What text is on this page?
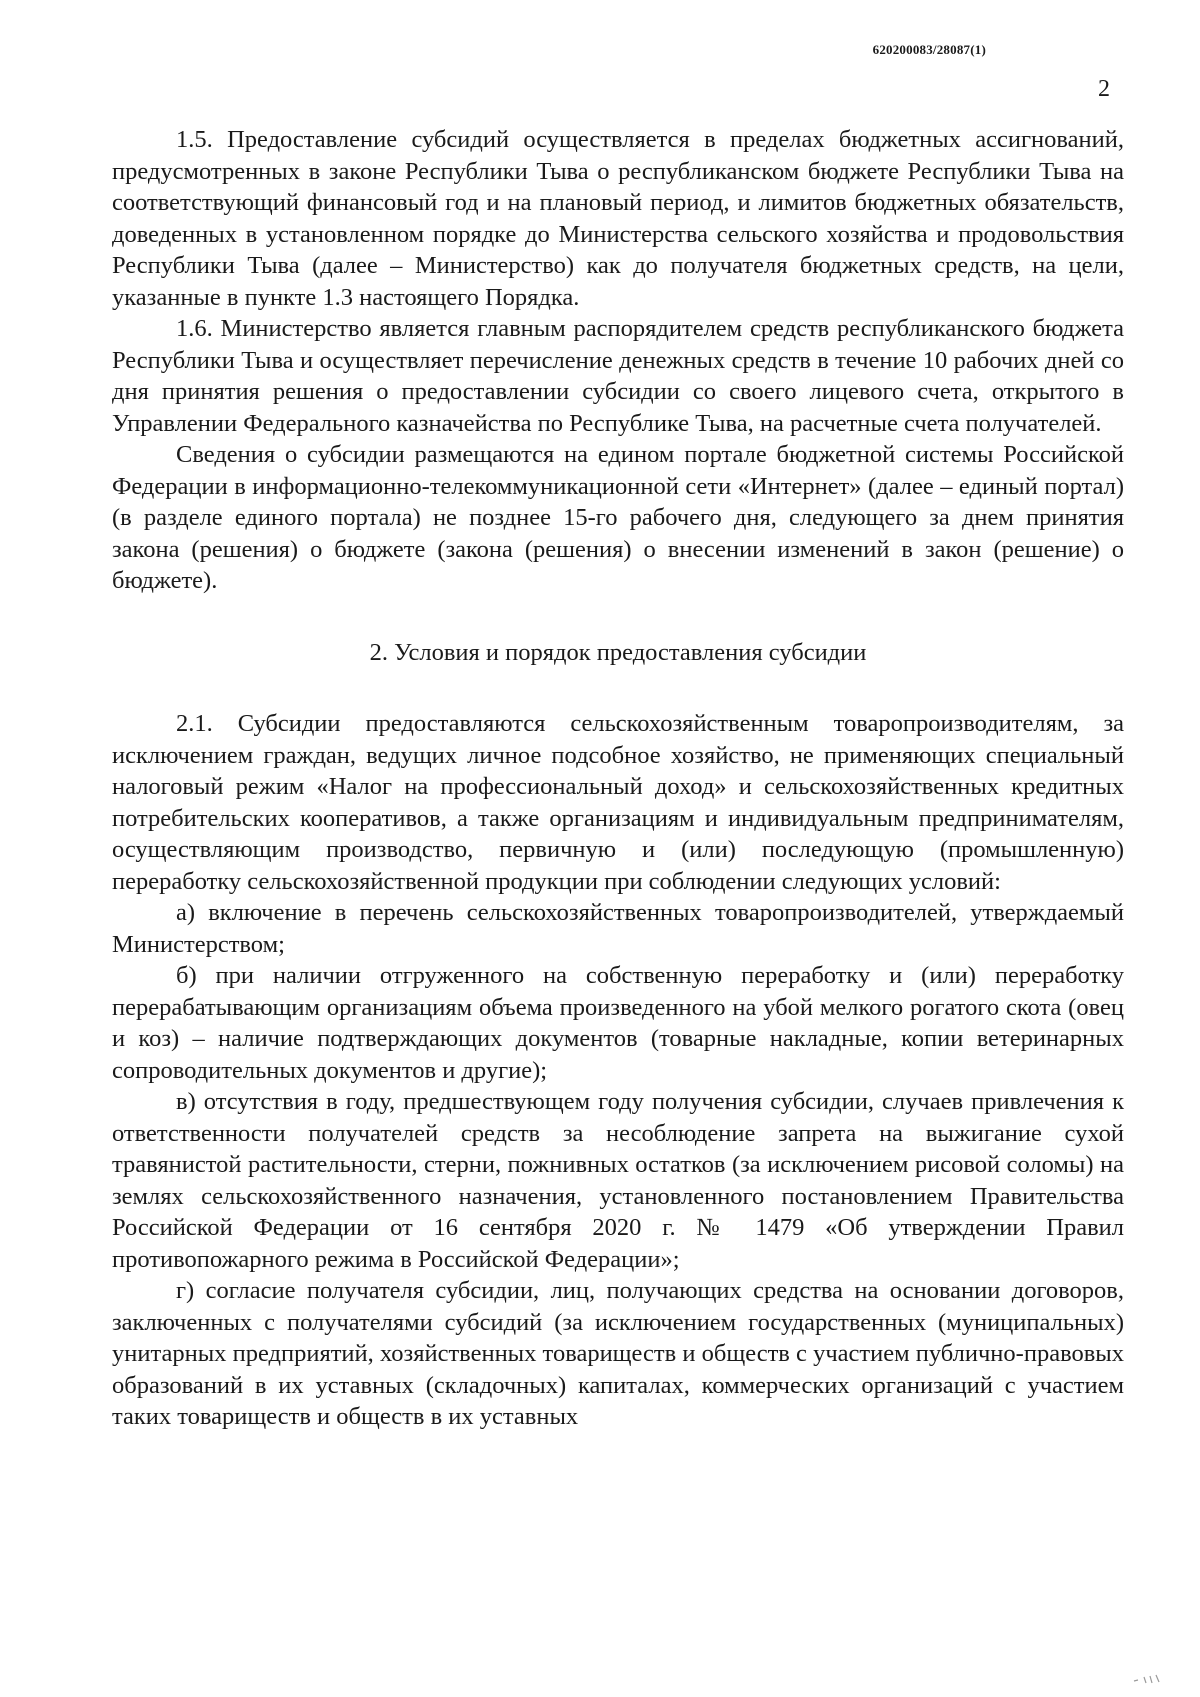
620200083/28087(1)
2

1.5. Предоставление субсидий осуществляется в пределах бюджетных ассигнований, предусмотренных в законе Республики Тыва о республиканском бюджете Республики Тыва на соответствующий финансовый год и на плановый период, и лимитов бюджетных обязательств, доведенных в установленном порядке до Министерства сельского хозяйства и продовольствия Республики Тыва (далее – Министерство) как до получателя бюджетных средств, на цели, указанные в пункте 1.3 настоящего Порядка.

1.6. Министерство является главным распорядителем средств республиканского бюджета Республики Тыва и осуществляет перечисление денежных средств в течение 10 рабочих дней со дня принятия решения о предоставлении субсидии со своего лицевого счета, открытого в Управлении Федерального казначейства по Республике Тыва, на расчетные счета получателей.

Сведения о субсидии размещаются на едином портале бюджетной системы Российской Федерации в информационно-телекоммуникационной сети «Интернет» (далее – единый портал) (в разделе единого портала) не позднее 15-го рабочего дня, следующего за днем принятия закона (решения) о бюджете (закона (решения) о внесении изменений в закон (решение) о бюджете).

2. Условия и порядок предоставления субсидии

2.1. Субсидии предоставляются сельскохозяйственным товаропроизводителям, за исключением граждан, ведущих личное подсобное хозяйство, не применяющих специальный налоговый режим «Налог на профессиональный доход» и сельскохозяйственных кредитных потребительских кооперативов, а также организациям и индивидуальным предпринимателям, осуществляющим производство, первичную и (или) последующую (промышленную) переработку сельскохозяйственной продукции при соблюдении следующих условий:

а) включение в перечень сельскохозяйственных товаропроизводителей, утверждаемый Министерством;

б) при наличии отгруженного на собственную переработку и (или) переработку перерабатывающим организациям объема произведенного на убой мелкого рогатого скота (овец и коз) – наличие подтверждающих документов (товарные накладные, копии ветеринарных сопроводительных документов и другие);

в) отсутствия в году, предшествующем году получения субсидии, случаев привлечения к ответственности получателей средств за несоблюдение запрета на выжигание сухой травянистой растительности, стерни, пожнивных остатков (за исключением рисовой соломы) на землях сельскохозяйственного назначения, установленного постановлением Правительства Российской Федерации от 16 сентября 2020 г. № 1479 «Об утверждении Правил противопожарного режима в Российской Федерации»;

г) согласие получателя субсидии, лиц, получающих средства на основании договоров, заключенных с получателями субсидий (за исключением государственных (муниципальных) унитарных предприятий, хозяйственных товариществ и обществ с участием публично-правовых образований в их уставных (складочных) капиталах, коммерческих организаций с участием таких товариществ и обществ в их уставных
